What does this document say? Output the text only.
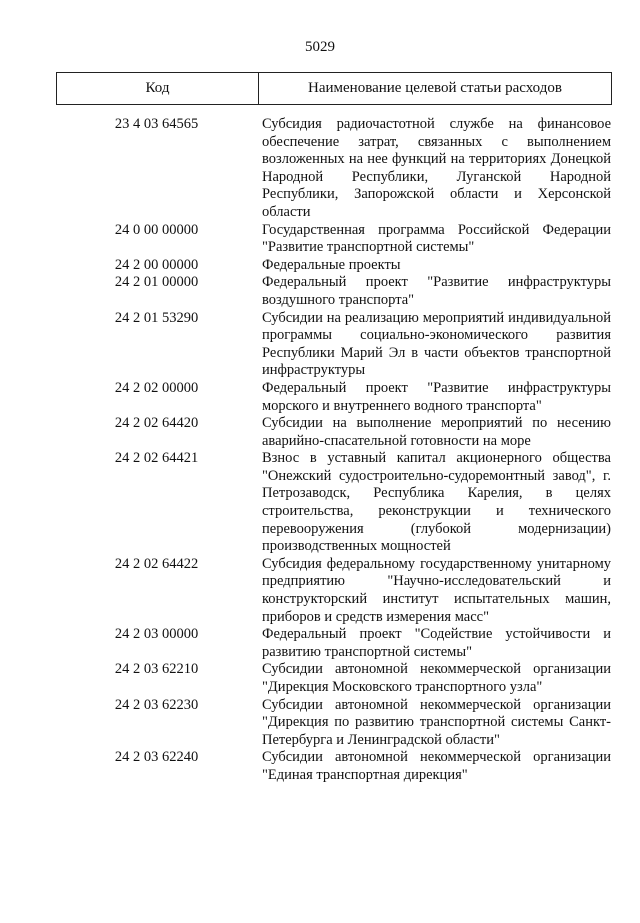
5029
Код	Наименование целевой статьи расходов
23 4 03 64565	Субсидия радиочастотной службе на финансовое обеспечение затрат, связанных с выполнением возложенных на нее функций на территориях Донецкой Народной Республики, Луганской Народной Республики, Запорожской области и Херсонской области
24 0 00 00000	Государственная программа Российской Федерации "Развитие транспортной системы"
24 2 00 00000	Федеральные проекты
24 2 01 00000	Федеральный проект "Развитие инфраструктуры воздушного транспорта"
24 2 01 53290	Субсидии на реализацию мероприятий индивидуальной программы социально-экономического развития Республики Марий Эл в части объектов транспортной инфраструктуры
24 2 02 00000	Федеральный проект "Развитие инфраструктуры морского и внутреннего водного транспорта"
24 2 02 64420	Субсидии на выполнение мероприятий по несению аварийно-спасательной готовности на море
24 2 02 64421	Взнос в уставный капитал акционерного общества "Онежский судостроительно-судоремонтный завод", г. Петрозаводск, Республика Карелия, в целях строительства, реконструкции и технического перевооружения (глубокой модернизации) производственных мощностей
24 2 02 64422	Субсидия федеральному государственному унитарному предприятию "Научно-исследовательский и конструкторский институт испытательных машин, приборов и средств измерения масс"
24 2 03 00000	Федеральный проект "Содействие устойчивости и развитию транспортной системы"
24 2 03 62210	Субсидии автономной некоммерческой организации "Дирекция Московского транспортного узла"
24 2 03 62230	Субсидии автономной некоммерческой организации "Дирекция по развитию транспортной системы Санкт-Петербурга и Ленинградской области"
24 2 03 62240	Субсидии автономной некоммерческой организации "Единая транспортная дирекция"
